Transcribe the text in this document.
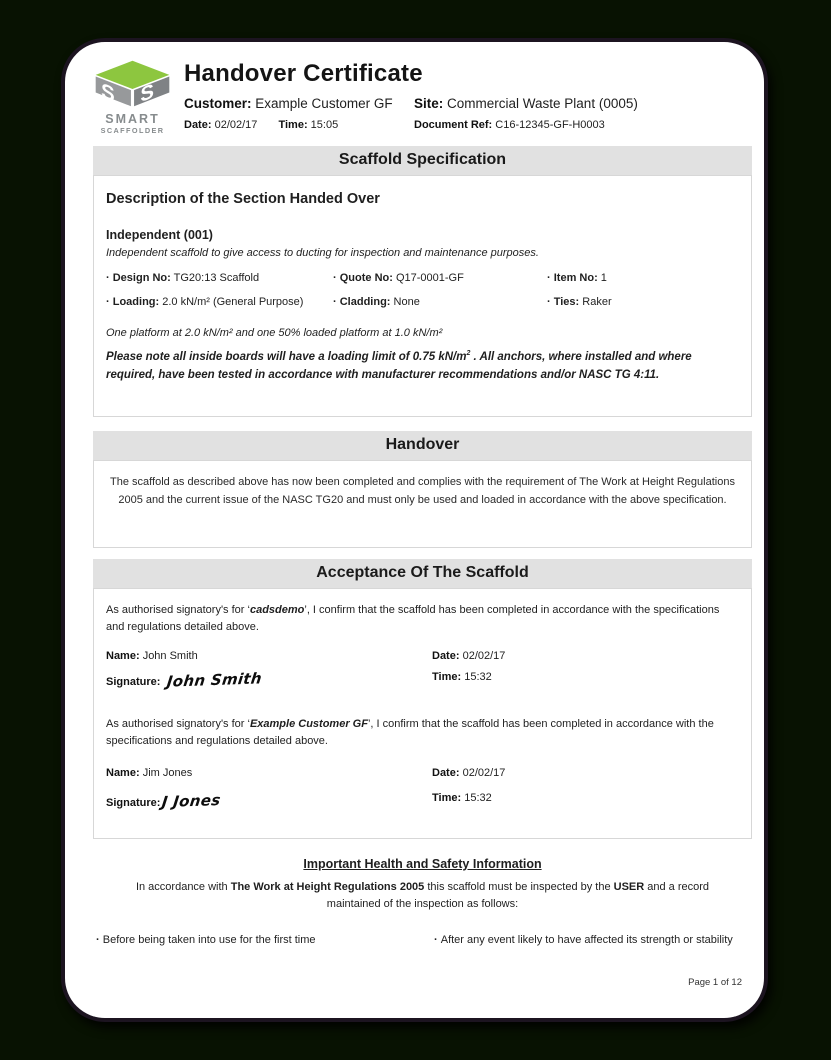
S S
SMART
SCAFFOLDER
Handover Certificate
Customer: Example Customer GF Site: Commercial Waste Plant (0005)
Date: 02/02/17 Time: 15:05	Document Ref: C16-12345-GF-H0003
Scaffold Specification
Description of the Section Handed Over
Independent (001)

Independent scaffold to give access to ducting for inspection and maintenance purposes.

· Design No: TG20:13 Scaffold	· Quote No: Q17-0001-GF	· Item No: 1
· Loading: 2.0 kN/m² (General Purpose)	· Cladding: None	· Ties: Raker

One platform at 2.0 kN/m² and one 50% loaded platform at 1.0 kN/m²

Please note all inside boards will have a loading limit of 0.75 $kN/m^2$ . All anchors, where installed and where required, have been tested in accordance with manufacturer recommendations and/or NASC TG 4:11.

Handover

The scaffold as described above has now been completed and complies with the requirement of The Work at Height Regulations 2005 and the current issue of the NASC TG20 and must only be used and loaded in accordance with the above specification.

Acceptance Of The Scaffold

As authorised signatory's for ‘cadsdemo’, I confirm that the scaffold has been completed in accordance with the specifications and regulations detailed above.

Name: John Smith	Date: 02/02/17
Signature: John Smith	Time: 15:32

As authorised signatory's for ‘Example Customer GF’, I confirm that the scaffold has been completed in accordance with the specifications and regulations detailed above.

Name: Jim Jones	Date: 02/02/17
Signature:J Jones	Time: 15:32
Important Health and Safety Information

In accordance with The Work at Height Regulations 2005 this scaffold must be inspected by the USER and a record maintained of the inspection as follows:

· Before being taken into use for the first time	· After any event likely to have affected its strength or stability
Page 1 of 12
